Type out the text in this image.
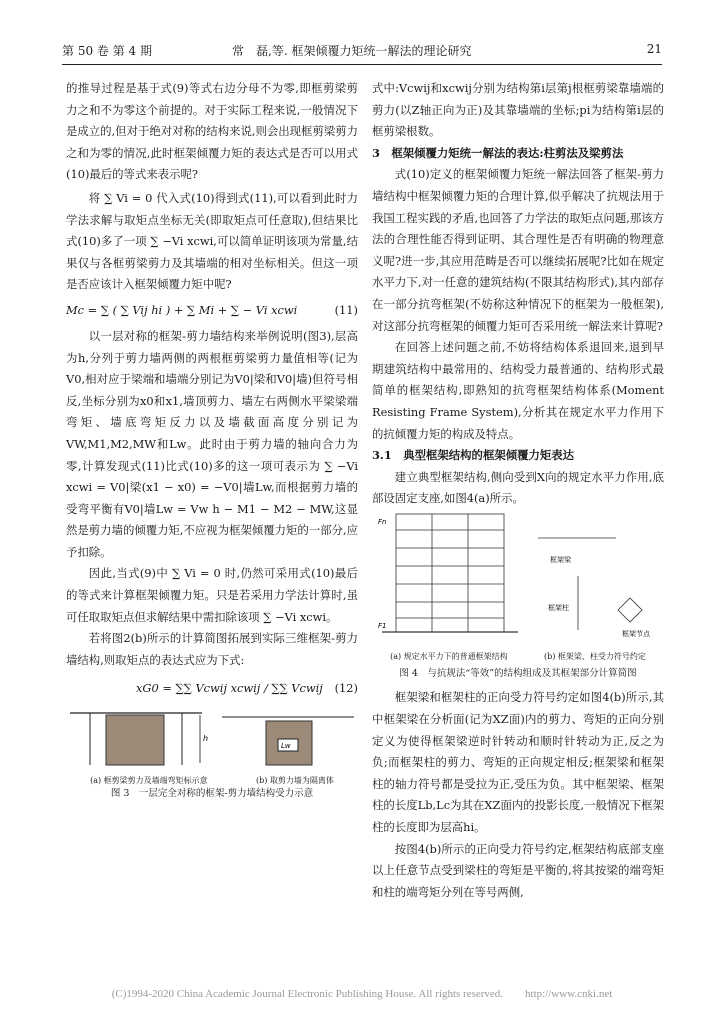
第 50 卷 第 4 期	常　磊,等. 框架倾覆力矩统一解法的理论研究	21

的推导过程是基于式(9)等式右边分母不为零,即框剪梁剪力之和不为零这个前提的。对于实际工程来说,一般情况下是成立的,但对于绝对对称的结构来说,则会出现框剪梁剪力之和为零的情况,此时框架倾覆力矩的表达式是否可以用式(10)最后的等式来表示呢?

将 ∑ Vi = 0 代入式(10)得到式(11),可以看到此时力学法求解与取矩点坐标无关(即取矩点可任意取),但结果比式(10)多了一项 ∑ −Vi xcwi,可以简单证明该项为常量,结果仅与各框剪梁剪力及其墙端的相对坐标相关。但这一项是否应该计入框架倾覆力矩中呢?

Mc = ∑ ( ∑ Vij hi ) + ∑ Mi + ∑ − Vi xcwi	(11)

以一层对称的框架-剪力墙结构来举例说明(图3),层高为h,分列于剪力墙两侧的两根框剪梁剪力量值相等(记为V0,相对应于梁端和墙端分别记为V0|梁和V0|墙)但符号相反,坐标分别为x0和x1,墙顶剪力、墙左右两侧水平梁梁端弯矩、墙底弯矩反力以及墙截面高度分别记为VW,M1,M2,MW和Lw。此时由于剪力墙的轴向合力为零,计算发现式(11)比式(10)多的这一项可表示为 ∑ −Vi xcwi = V0|梁(x1 − x0) = −V0|墙Lw,而根据剪力墙的受弯平衡有V0|墙Lw = Vw h − M1 − M2 − MW,这显然是剪力墙的倾覆力矩,不应视为框架倾覆力矩的一部分,应予扣除。

因此,当式(9)中 ∑ Vi = 0 时,仍然可采用式(10)最后的等式来计算框架倾覆力矩。只是若采用力学法计算时,虽可任取取矩点但求解结果中需扣除该项 ∑ −Vi xcwi。

若将图2(b)所示的计算简图拓展到实际三维框架-剪力墙结构,则取矩点的表达式应为下式:

xG0 = ∑∑ Vcwij xcwij / ∑∑ Vcwij (12)
h
Lw
(a) 框剪梁剪力及墙端弯矩标示意	(b) 取剪力墙为隔离体
图 3　一层完全对称的框架-剪力墙结构受力示意

式中:Vcwij和xcwij分别为结构第i层第j根框剪梁靠墙端的剪力(以Z轴正向为正)及其靠墙端的坐标;pi为结构第i层的框剪梁根数。

3　框架倾覆力矩统一解法的表达:柱剪法及梁剪法

式(10)定义的框架倾覆力矩统一解法回答了框架-剪力墙结构中框架倾覆力矩的合理计算,似乎解决了抗规法用于我国工程实践的矛盾,也回答了力学法的取矩点问题,那该方法的合理性能否得到证明、其合理性是否有明确的物理意义呢?进一步,其应用范畴是否可以继续拓展呢?比如在规定水平力下,对一任意的建筑结构(不限其结构形式),其内部存在一部分抗弯框架(不妨称这种情况下的框架为一般框架),对这部分抗弯框架的倾覆力矩可否采用统一解法来计算呢?

在回答上述问题之前,不妨将结构体系退回来,退到早期建筑结构中最常用的、结构受力最普通的、结构形式最简单的框架结构,即熟知的抗弯框架结构体系(Moment Resisting Frame System),分析其在规定水平力作用下的抗倾覆力矩的构成及特点。

3.1　典型框架结构的框架倾覆力矩表达

建立典型框架结构,侧向受到X向的规定水平力作用,底部设固定支座,如图4(a)所示。

Fn
F1
框架梁
框架柱
框架节点
(a) 规定水平力下的普通框架结构	(b) 框架梁、柱受力符号约定
图 4　与抗规法“等效”的结构组成及其框架部分计算简图

框架梁和框架柱的正向受力符号约定如图4(b)所示,其中框架梁在分析面(记为XZ面)内的剪力、弯矩的正向分别定义为使得框架梁逆时针转动和顺时针转动为正,反之为负;而框架柱的剪力、弯矩的正向规定相反;框架梁和框架柱的轴力符号都是受拉为正,受压为负。其中框架梁、框架柱的长度Lb,Lc为其在XZ面内的投影长度,一般情况下框架柱的长度即为层高hi。

按图4(b)所示的正向受力符号约定,框架结构底部支座以上任意节点受到梁柱的弯矩是平衡的,将其按梁的端弯矩和柱的端弯矩分列在等号两侧,

(C)1994-2020 China Academic Journal Electronic Publishing House. All rights reserved.　　http://www.cnki.net
